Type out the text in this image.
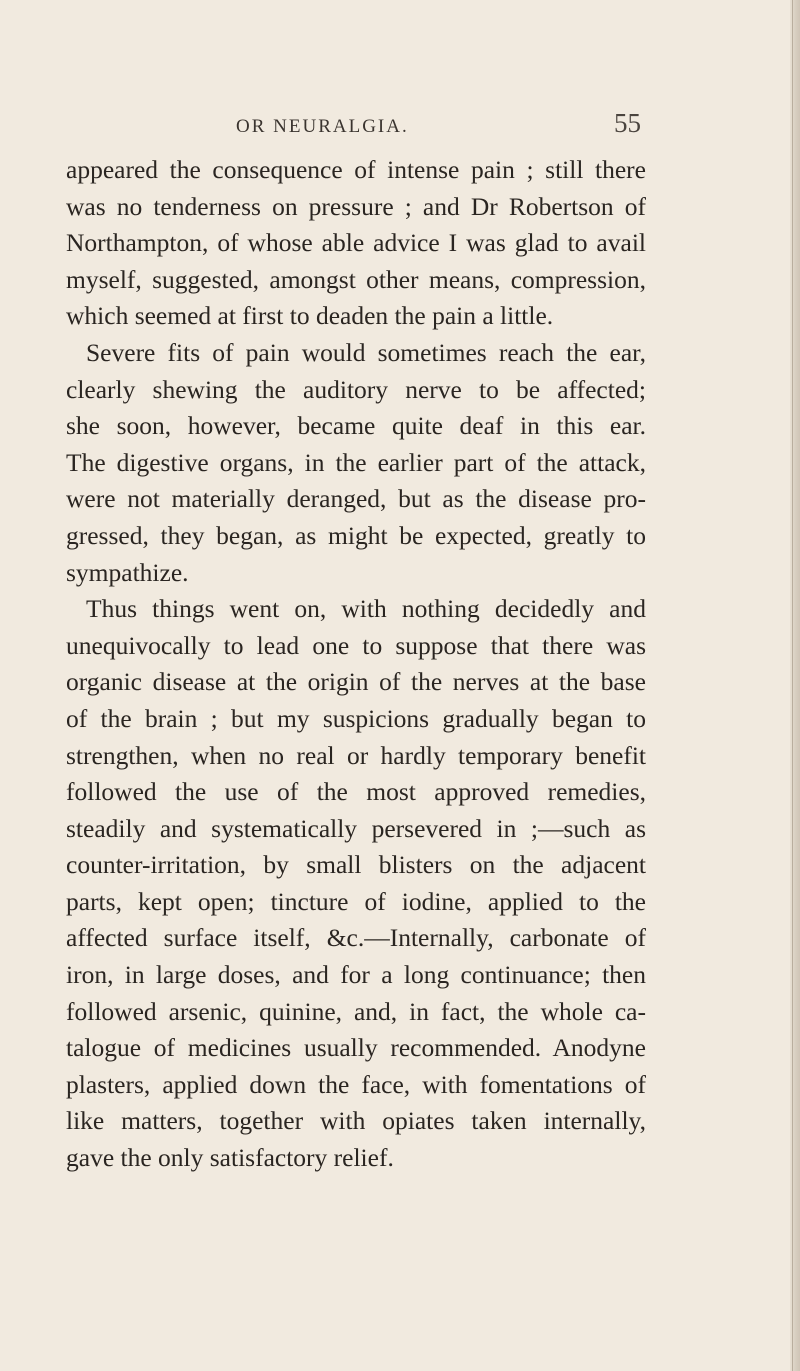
OR NEURALGIA.	55
appeared the consequence of intense pain ; still there
was no tenderness on pressure ; and Dr Robertson of
Northampton, of whose able advice I was glad to avail
myself, suggested, amongst other means, compression,
which seemed at first to deaden the pain a little.
Severe fits of pain would sometimes reach the ear,
clearly shewing the auditory nerve to be affected;
she soon, however, became quite deaf in this ear.
The digestive organs, in the earlier part of the attack,
were not materially deranged, but as the disease pro-
gressed, they began, as might be expected, greatly to
sympathize.
Thus things went on, with nothing decidedly and
unequivocally to lead one to suppose that there was
organic disease at the origin of the nerves at the base
of the brain ; but my suspicions gradually began to
strengthen, when no real or hardly temporary benefit
followed the use of the most approved remedies,
steadily and systematically persevered in ;—such as
counter-irritation, by small blisters on the adjacent
parts, kept open; tincture of iodine, applied to the
affected surface itself, &c.—Internally, carbonate of
iron, in large doses, and for a long continuance; then
followed arsenic, quinine, and, in fact, the whole ca-
talogue of medicines usually recommended. Anodyne
plasters, applied down the face, with fomentations of
like matters, together with opiates taken internally,
gave the only satisfactory relief.
